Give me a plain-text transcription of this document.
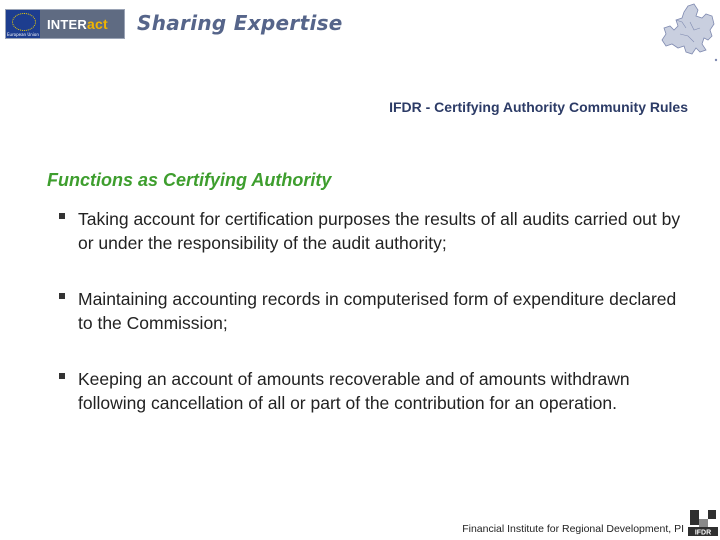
European Union
INTER act Sharing Expertise
IFDR - Certifying Authority Community Rules
Functions as Certifying Authority
Taking account for certification purposes the results of all audits carried out by or under the responsibility of the audit authority;
Maintaining accounting records in computerised form of expenditure declared to the Commission;
Keeping an account of amounts recoverable and of amounts withdrawn following cancellation of all or part of the contribution for an operation.
Financial Institute for Regional Development, PI IFDR
